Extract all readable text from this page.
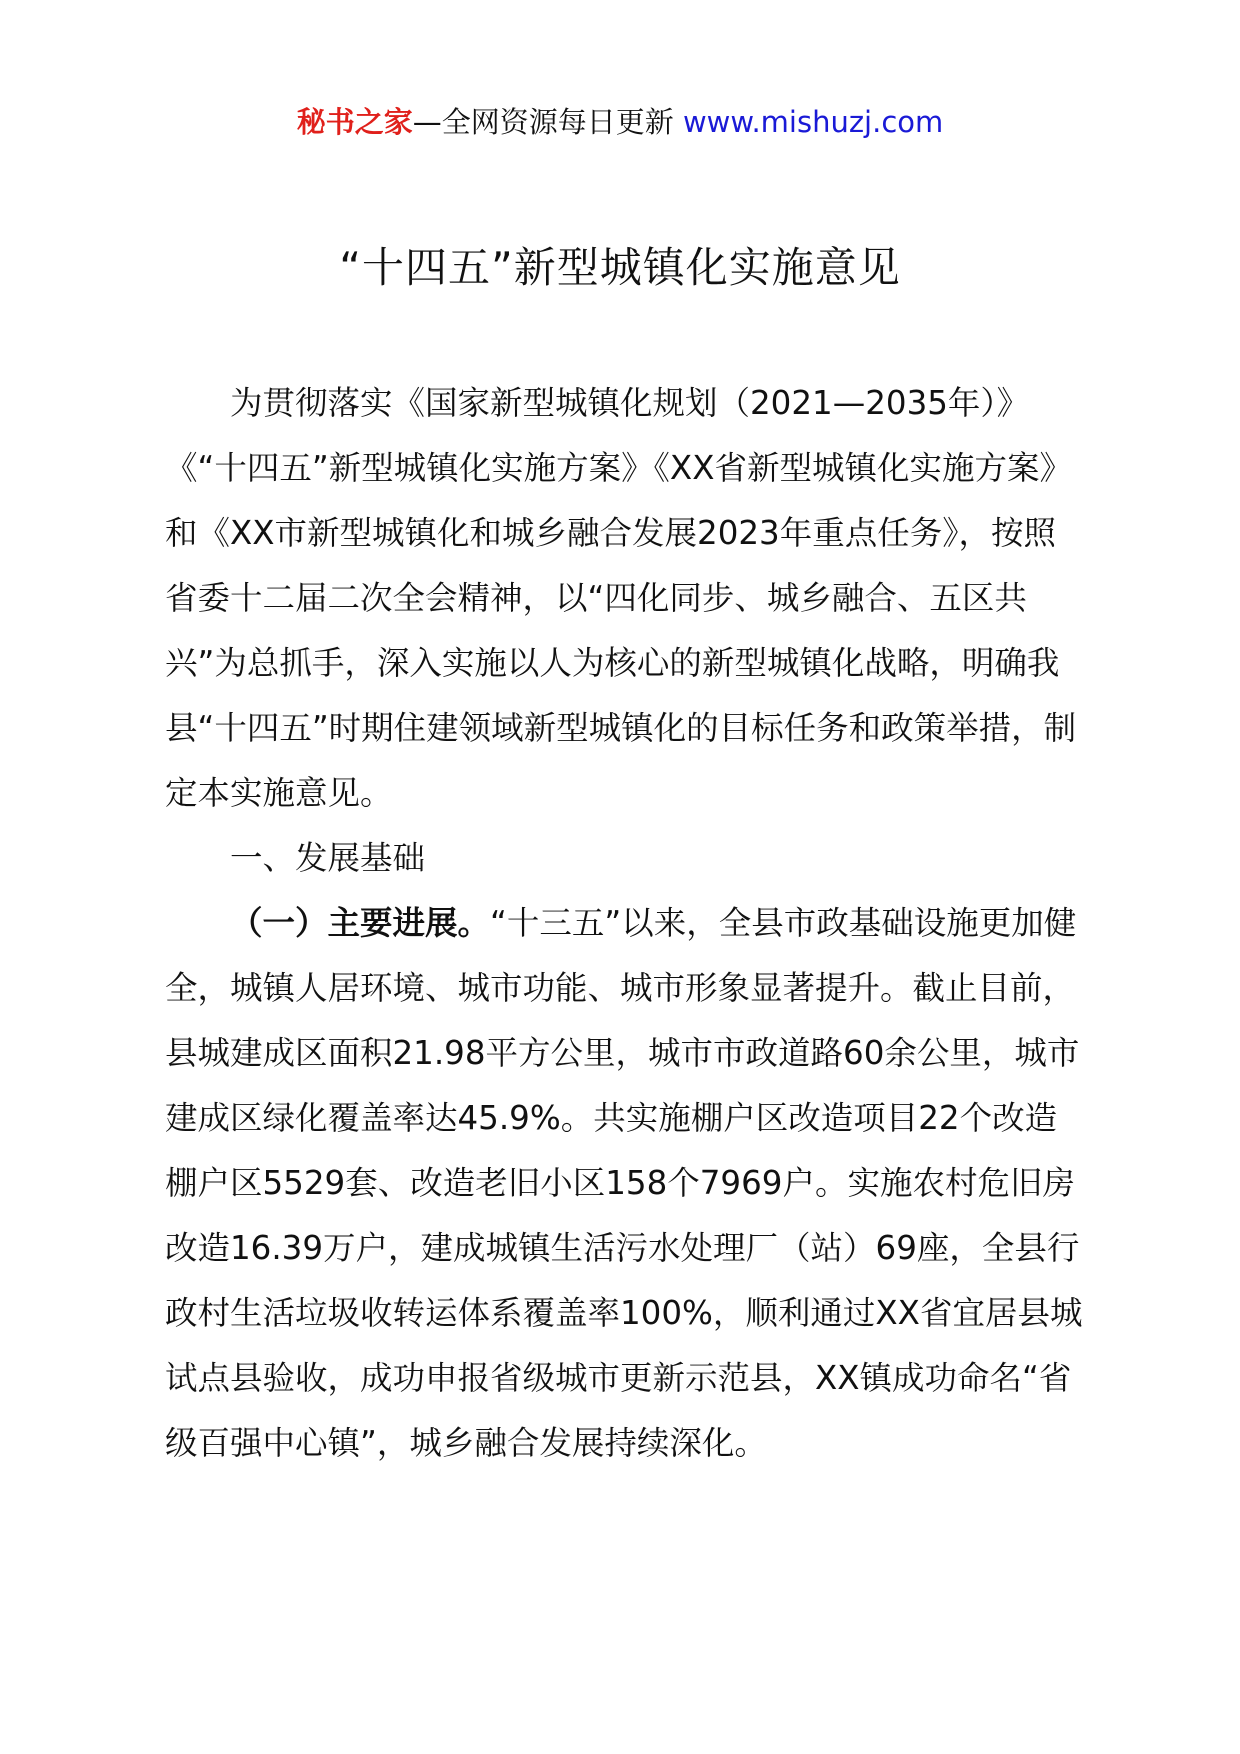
秘书之家—全网资源每日更新 www.mishuzj.com
“十四五”新型城镇化实施意见

为贯彻落实《国家新型城镇化规划（2021—2035年）》《“十四五”新型城镇化实施方案》《XX省新型城镇化实施方案》和《XX市新型城镇化和城乡融合发展2023年重点任务》，按照省委十二届二次全会精神，以“四化同步、城乡融合、五区共兴”为总抓手，深入实施以人为核心的新型城镇化战略，明确我县“十四五”时期住建领域新型城镇化的目标任务和政策举措，制定本实施意见。

一、发展基础

（一）主要进展。“十三五”以来，全县市政基础设施更加健全，城镇人居环境、城市功能、城市形象显著提升。截止目前，县城建成区面积21.98平方公里，城市市政道路60余公里，城市建成区绿化覆盖率达45.9%。共实施棚户区改造项目22个改造棚户区5529套、改造老旧小区158个7969户。实施农村危旧房改造16.39万户，建成城镇生活污水处理厂（站）69座，全县行政村生活垃圾收转运体系覆盖率100%，顺利通过XX省宜居县城试点县验收，成功申报省级城市更新示范县，XX镇成功命名“省级百强中心镇”，城乡融合发展持续深化。
